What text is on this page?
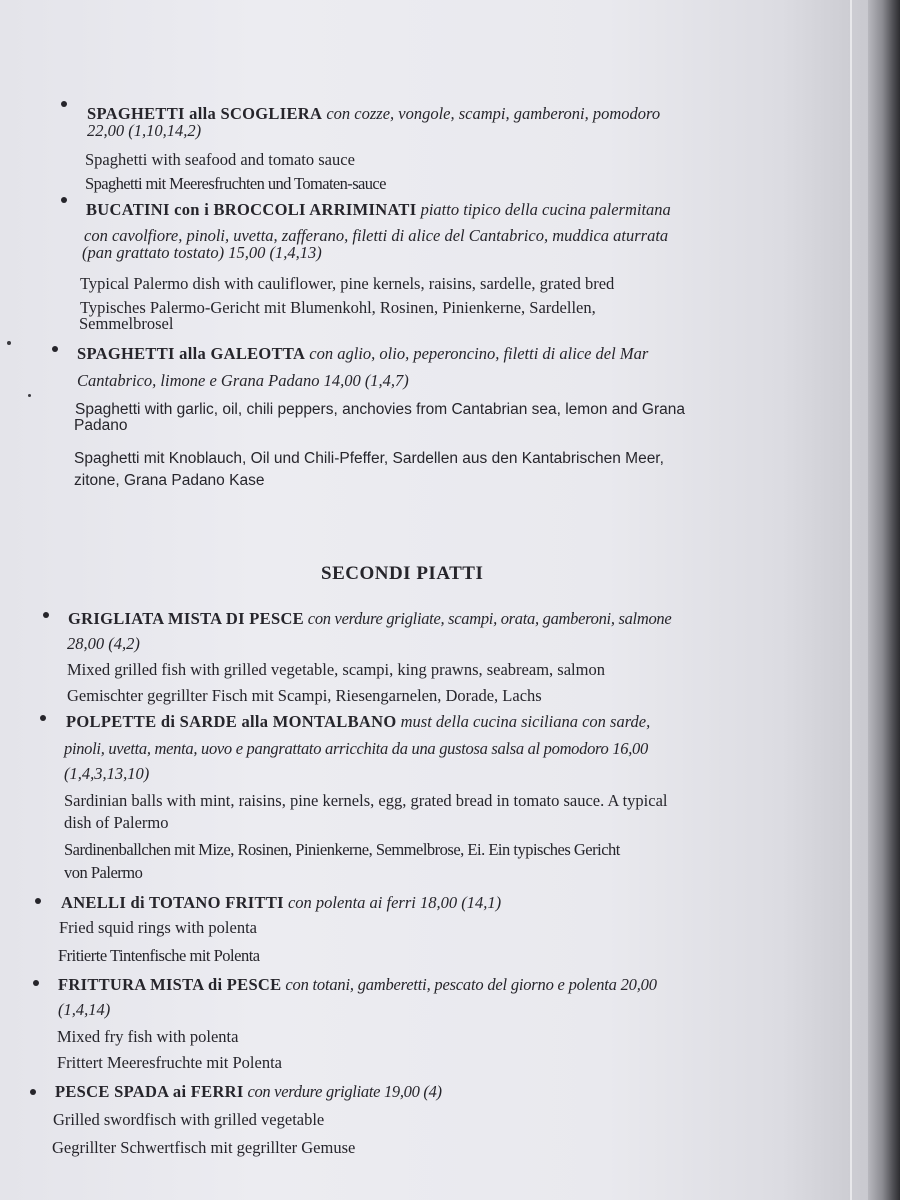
SPAGHETTI alla SCOGLIERA con cozze, vongole, scampi, gamberoni, pomodoro
22,00 (1,10,14,2)
Spaghetti with seafood and tomato sauce
Spaghetti mit Meeresfruchten und Tomaten-sauce
BUCATINI con i BROCCOLI ARRIMINATI piatto tipico della cucina palermitana
con cavolfiore, pinoli, uvetta, zafferano, filetti di alice del Cantabrico, muddica aturrata
(pan grattato tostato) 15,00 (1,4,13)
Typical Palermo dish with cauliflower, pine kernels, raisins, sardelle, grated bred
Typisches Palermo-Gericht mit Blumenkohl, Rosinen, Pinienkerne, Sardellen,
Semmelbrosel
SPAGHETTI alla GALEOTTA con aglio, olio, peperoncino, filetti di alice del Mar
Cantabrico, limone e Grana Padano 14,00 (1,4,7)
Spaghetti with garlic, oil, chili peppers, anchovies from Cantabrian sea, lemon and Grana
Padano
Spaghetti mit Knoblauch, Oil und Chili-Pfeffer, Sardellen aus den Kantabrischen Meer,
zitone, Grana Padano Kase
SECONDI PIATTI
GRIGLIATA MISTA DI PESCE con verdure grigliate, scampi, orata, gamberoni, salmone
28,00 (4,2)
Mixed grilled fish with grilled vegetable, scampi, king prawns, seabream, salmon
Gemischter gegrillter Fisch mit Scampi, Riesengarnelen, Dorade, Lachs
POLPETTE di SARDE alla MONTALBANO must della cucina siciliana con sarde,
pinoli, uvetta, menta, uovo e pangrattato arricchita da una gustosa salsa al pomodoro 16,00
(1,4,3,13,10)
Sardinian balls with mint, raisins, pine kernels, egg, grated bread in tomato sauce. A typical
dish of Palermo
Sardinenballchen mit Mize, Rosinen, Pinienkerne, Semmelbrose, Ei. Ein typisches Gericht
von Palermo
ANELLI di TOTANO FRITTI con polenta ai ferri 18,00 (14,1)
Fried squid rings with polenta
Fritierte Tintenfische mit Polenta
FRITTURA MISTA di PESCE con totani, gamberetti, pescato del giorno e polenta 20,00
(1,4,14)
Mixed fry fish with polenta
Frittert Meeresfruchte mit Polenta
PESCE SPADA ai FERRI con verdure grigliate 19,00 (4)
Grilled swordfisch with grilled vegetable
Gegrillter Schwertfisch mit gegrillter Gemuse
